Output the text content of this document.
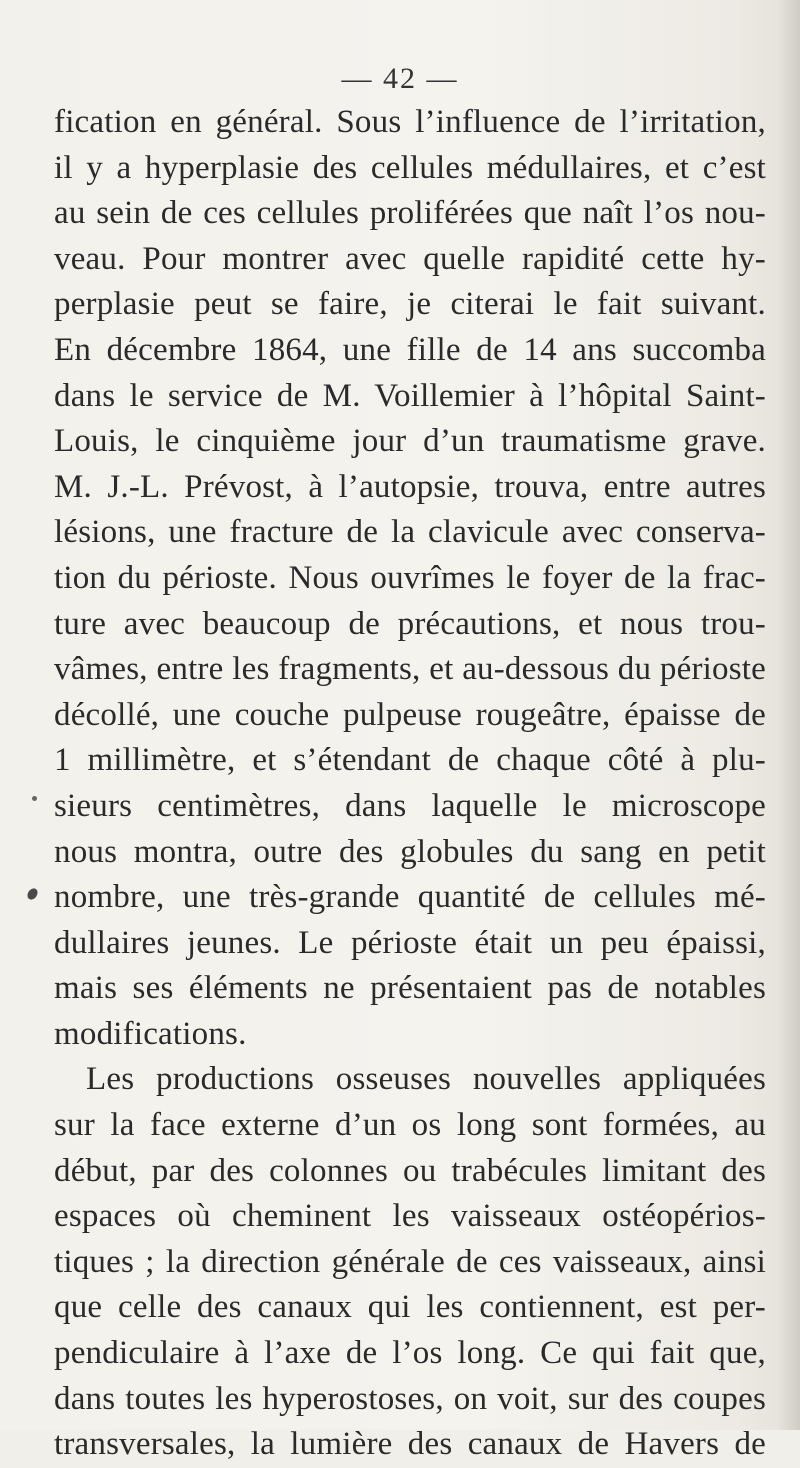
— 42 —
fication en général. Sous l’influence de l’irritation,
il y a hyperplasie des cellules médullaires, et c’est
au sein de ces cellules proliférées que naît l’os nou-
veau. Pour montrer avec quelle rapidité cette hy-
perplasie peut se faire, je citerai le fait suivant.
En décembre 1864, une fille de 14 ans succomba
dans le service de M. Voillemier à l’hôpital Saint-
Louis, le cinquième jour d’un traumatisme grave.
M. J.-L. Prévost, à l’autopsie, trouva, entre autres
lésions, une fracture de la clavicule avec conserva-
tion du périoste. Nous ouvrîmes le foyer de la frac-
ture avec beaucoup de précautions, et nous trou-
vâmes, entre les fragments, et au-dessous du périoste
décollé, une couche pulpeuse rougeâtre, épaisse de
1 millimètre, et s’étendant de chaque côté à plu-
sieurs centimètres, dans laquelle le microscope
nous montra, outre des globules du sang en petit
nombre, une très-grande quantité de cellules mé-
dullaires jeunes. Le périoste était un peu épaissi,
mais ses éléments ne présentaient pas de notables
modifications.
Les productions osseuses nouvelles appliquées
sur la face externe d’un os long sont formées, au
début, par des colonnes ou trabécules limitant des
espaces où cheminent les vaisseaux ostéopérios-
tiques ; la direction générale de ces vaisseaux, ainsi
que celle des canaux qui les contiennent, est per-
pendiculaire à l’axe de l’os long. Ce qui fait que,
dans toutes les hyperostoses, on voit, sur des coupes
transversales, la lumière des canaux de Havers de
